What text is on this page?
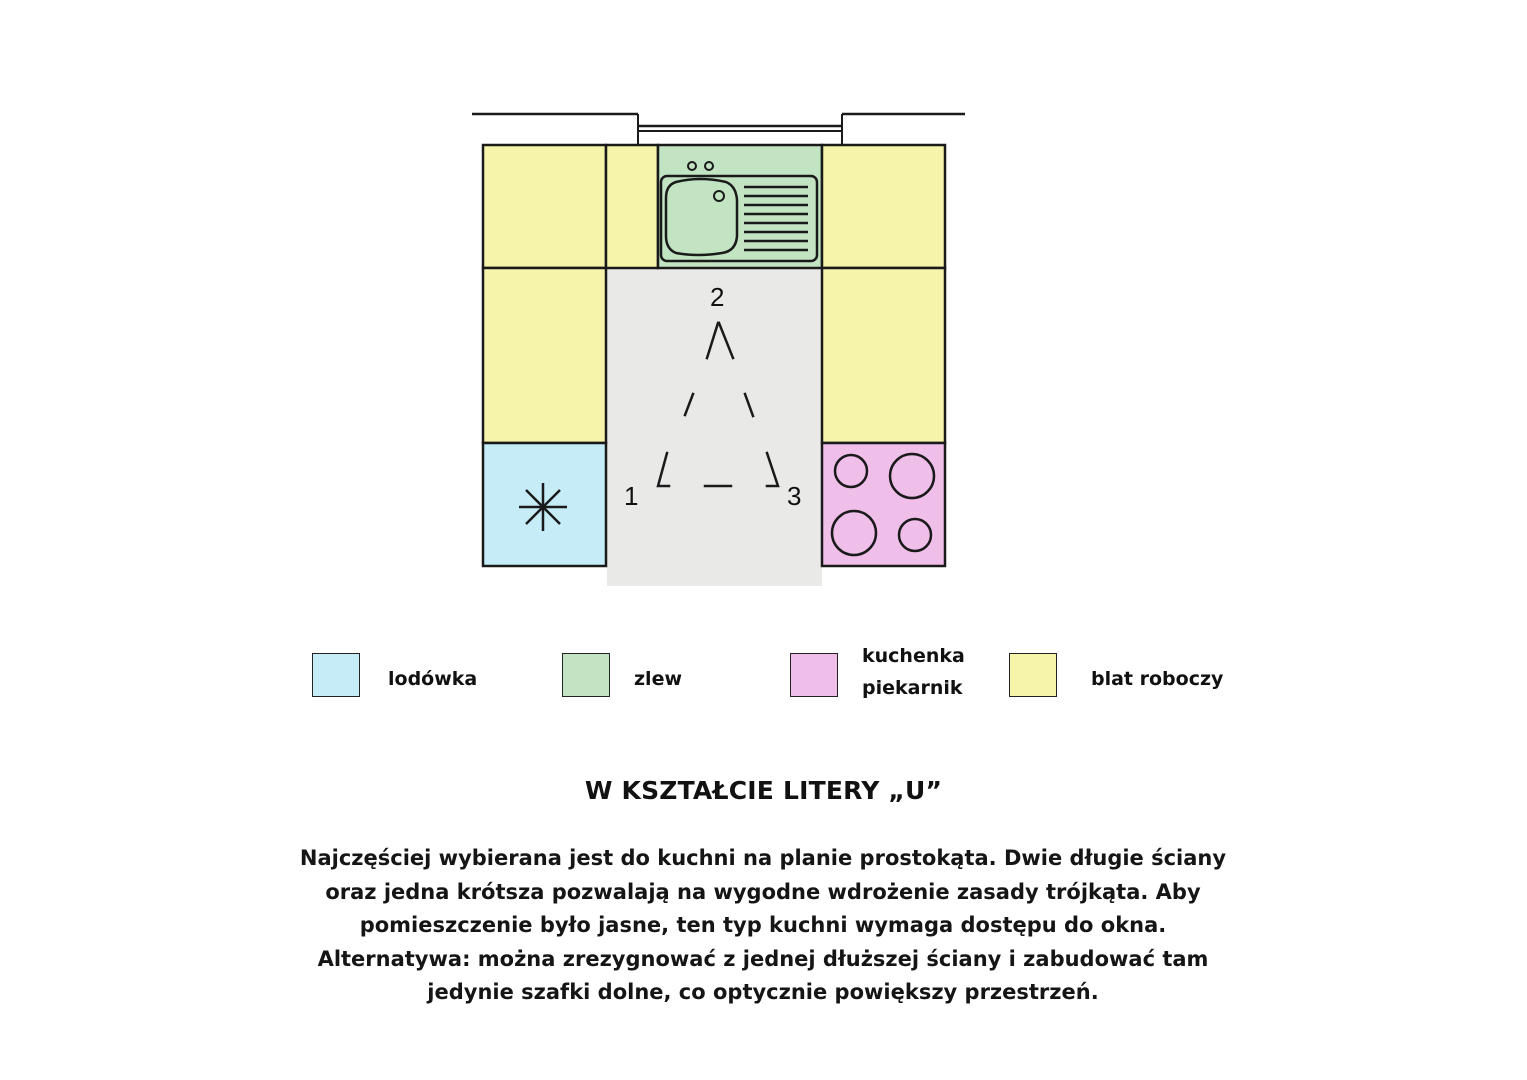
1
2
3
lodówka	zlew
kuchenka
piekarnik	blat roboczy
W KSZTAŁCIE LITERY „U”
Najczęściej wybierana jest do kuchni na planie prostokąta. Dwie długie ściany
oraz jedna krótsza pozwalają na wygodne wdrożenie zasady trójkąta. Aby
pomieszczenie było jasne, ten typ kuchni wymaga dostępu do okna.
Alternatywa: można zrezygnować z jednej dłuższej ściany i zabudować tam
jedynie szafki dolne, co optycznie powiększy przestrzeń.
